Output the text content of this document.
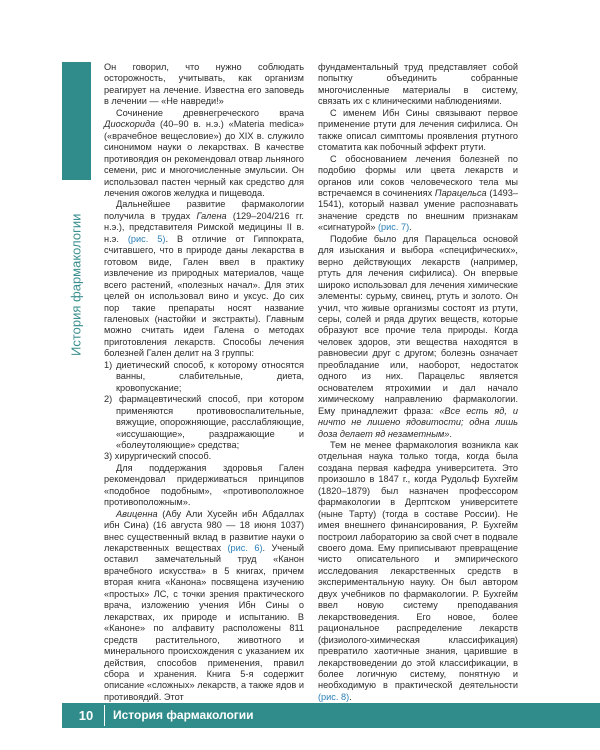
История фармакологии

Он говорил, что нужно соблюдать осторожность, учитывать, как организм реагирует на лечение. Известна его заповедь в лечении — «Не навреди!»

Сочинение древнегреческого врача Диоскорида (40–90 в. н.э.) «Materia medica» («врачебное вещесловие») до XIX в. служило синонимом науки о лекарствах. В качестве противоядия он рекомендовал отвар льняного семени, рис и многочисленные эмульсии. Он использовал пастен черный как средство для лечения ожогов желудка и пищевода.

Дальнейшее развитие фармакологии получила в трудах Галена (129–204/216 гг. н.э.), представителя Римской медицины II в. н.э. (рис. 5). В отличие от Гиппократа, считавшего, что в природе даны лекарства в готовом виде, Гален ввел в практику извлечение из природных материалов, чаще всего растений, «полезных начал». Для этих целей он использовал вино и уксус. До сих пор такие препараты носят название галеновых (настойки и экстракты). Главным можно считать идеи Галена о методах приготовления лекарств. Способы лечения болезней Гален делит на 3 группы:

1) диетический способ, к которому относятся ванны, слабительные, диета, кровопускание;
2) фармацевтический способ, при котором применяются противовоспалительные, вяжущие, опорожняющие, расслабляющие, «иссушающие», раздражающие и «болеутоляющие» средства;
3) хирургический способ.

Для поддержания здоровья Гален рекомендовал придерживаться принципов «подобное подобным», «противоположное противоположным».

Авиценна (Абу Али Хусейн ибн Абдаллах ибн Сина) (16 августа 980 — 18 июня 1037) внес существенный вклад в развитие науки о лекарственных веществах (рис. 6). Ученый оставил замечательный труд «Канон врачебного искусства» в 5 книгах, причем вторая книга «Канона» посвящена изучению «простых» ЛС, с точки зрения практического врача, изложению учения Ибн Сины о лекарствах, их природе и испытанию. В «Каноне» по алфавиту расположены 811 средств растительного, животного и минерального происхождения с указанием их действия, способов применения, правил сбора и хранения. Книга 5-я содержит описание «сложных» лекарств, а также ядов и противоядий. Этот

фундаментальный труд представляет собой попытку объединить собранные многочисленные материалы в систему, связать их с клиническими наблюдениями.

С именем Ибн Сины связывают первое применение ртути для лечения сифилиса. Он также описал симптомы проявления ртутного стоматита как побочный эффект ртути.

С обоснованием лечения болезней по подобию формы или цвета лекарств и органов или соков человеческого тела мы встречаемся в сочинениях Парацельса (1493–1541), который назвал умение распознавать значение средств по внешним признакам «сигнатурой» (рис. 7).

Подобие было для Парацельса основой для изыскания и выбора «специфических», верно действующих лекарств (например, ртуть для лечения сифилиса). Он впервые широко использовал для лечения химические элементы: сурьму, свинец, ртуть и золото. Он учил, что живые организмы состоят из ртути, серы, солей и ряда других веществ, которые образуют все прочие тела природы. Когда человек здоров, эти вещества находятся в равновесии друг с другом; болезнь означает преобладание или, наоборот, недостаток одного из них. Парацельс является основателем ятрохимии и дал начало химическому направлению фармакологии. Ему принадлежит фраза: «Все есть яд, и ничто не лишено ядовитости; одна лишь доза делает яд незаметным».

Тем не менее фармакология возникла как отдельная наука только тогда, когда была создана первая кафедра университета. Это произошло в 1847 г., когда Рудольф Бухгейм (1820–1879) был назначен профессором фармакологии в Дерптском университете (ныне Тарту) (тогда в составе России). Не имея внешнего финансирования, Р. Бухгейм построил лабораторию за свой счет в подвале своего дома. Ему приписывают превращение чисто описательного и эмпирического исследования лекарственных средств в экспериментальную науку. Он был автором двух учебников по фармакологии. Р. Бухгейм ввел новую систему преподавания лекарствоведения. Его новое, более рациональное распределение лекарств (физиолого-химическая классификация) превратило хаотичные знания, царившие в лекарствоведении до этой классификации, в более логичную систему, понятную и необходимую в практической деятельности (рис. 8).

10	История фармакологии
